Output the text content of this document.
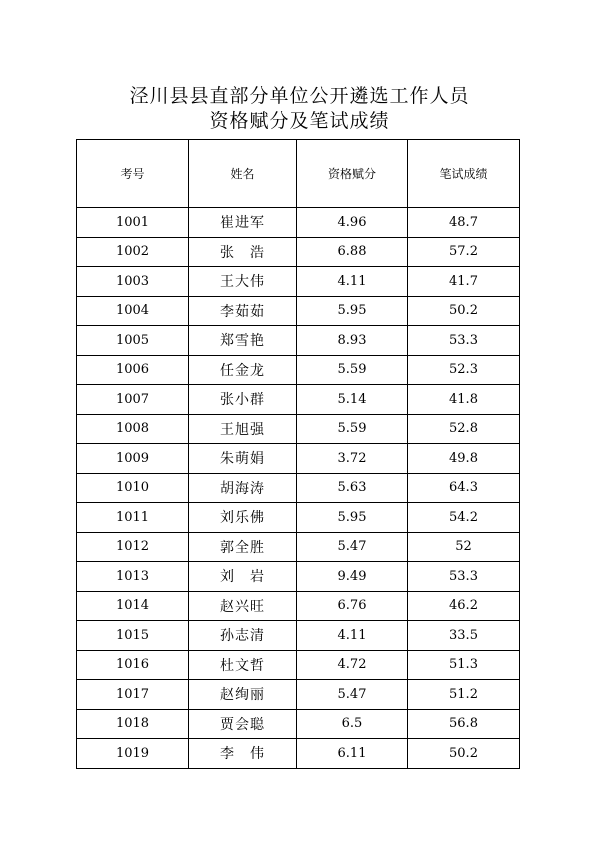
泾川县县直部分单位公开遴选工作人员
资格赋分及笔试成绩
考号	姓名	资格赋分	笔试成绩
1001	崔进军	4.96	48.7
1002	张　浩	6.88	57.2
1003	王大伟	4.11	41.7
1004	李茹茹	5.95	50.2
1005	郑雪艳	8.93	53.3
1006	任金龙	5.59	52.3
1007	张小群	5.14	41.8
1008	王旭强	5.59	52.8
1009	朱萌娟	3.72	49.8
1010	胡海涛	5.63	64.3
1011	刘乐佛	5.95	54.2
1012	郭全胜	5.47	52
1013	刘　岩	9.49	53.3
1014	赵兴旺	6.76	46.2
1015	孙志清	4.11	33.5
1016	杜文哲	4.72	51.3
1017	赵绚丽	5.47	51.2
1018	贾会聪	6.5	56.8
1019	李　伟	6.11	50.2
